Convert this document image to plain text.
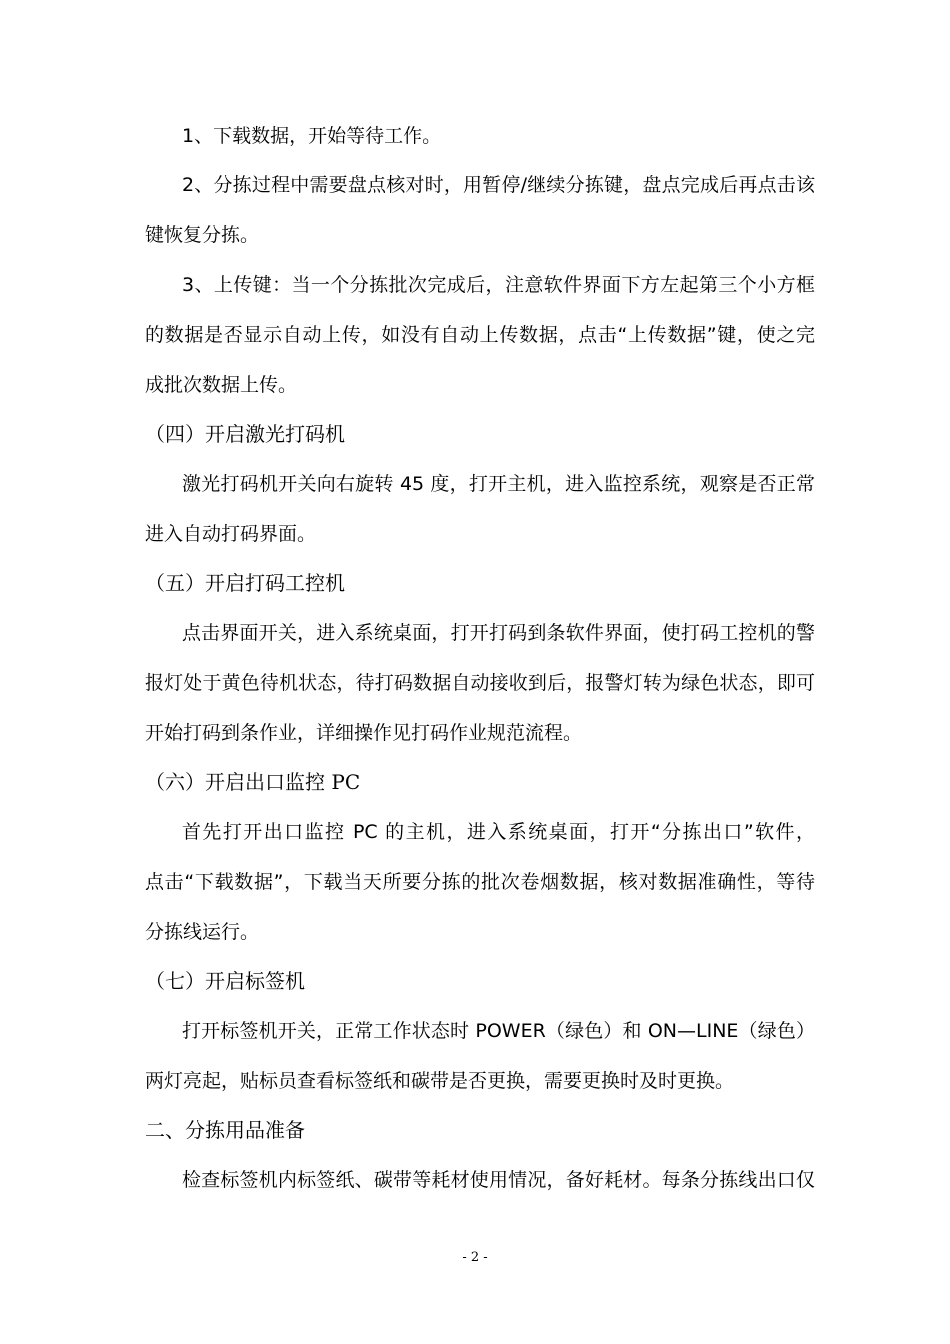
1、下载数据，开始等待工作。
2、分拣过程中需要盘点核对时，用暂停/继续分拣键，盘点完成后再点击该
键恢复分拣。
3、上传键：当一个分拣批次完成后，注意软件界面下方左起第三个小方框
的数据是否显示自动上传，如没有自动上传数据，点击“上传数据”键，使之完
成批次数据上传。
（四）开启激光打码机
激光打码机开关向右旋转 45 度，打开主机，进入监控系统，观察是否正常
进入自动打码界面。
（五）开启打码工控机
点击界面开关，进入系统桌面，打开打码到条软件界面，使打码工控机的警
报灯处于黄色待机状态，待打码数据自动接收到后，报警灯转为绿色状态，即可
开始打码到条作业，详细操作见打码作业规范流程。
（六）开启出口监控 PC
首先打开出口监控 PC 的主机，进入系统桌面，打开“分拣出口”软件，
点击“下载数据”，下载当天所要分拣的批次卷烟数据，核对数据准确性，等待
分拣线运行。
（七）开启标签机
打开标签机开关，正常工作状态时 POWER（绿色）和 ON—LINE（绿色）
两灯亮起，贴标员查看标签纸和碳带是否更换，需要更换时及时更换。
二、分拣用品准备
检查标签机内标签纸、碳带等耗材使用情况，备好耗材。每条分拣线出口仅
- 2 -
